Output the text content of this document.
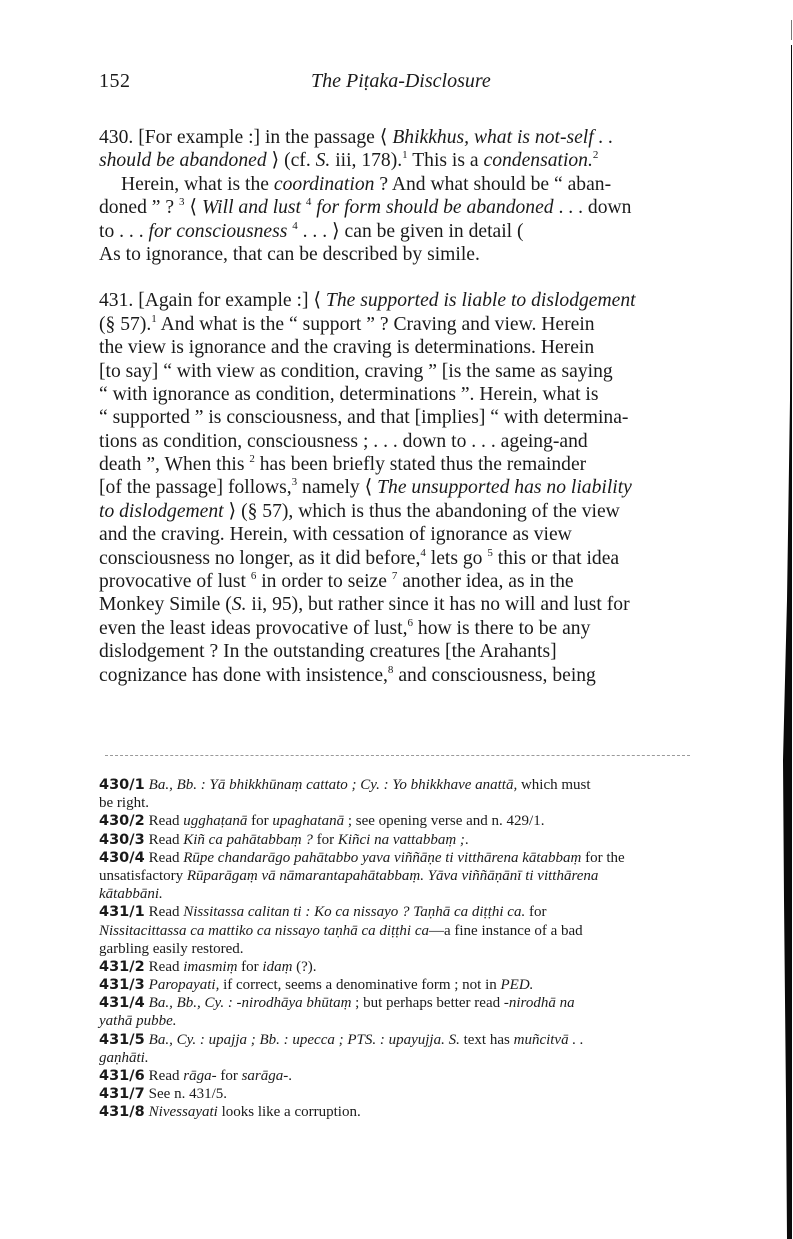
152	The Piṭaka-Disclosure
430. [For example :] in the passage ⟨ Bhikkhus, what is not-self . .
should be abandoned ⟩ (cf. S. iii, 178).$^1$ This is a condensation.$^2$
Herein, what is the coordination ? And what should be “ aban-
doned ” ? $^3$ ⟨ Will and lust $^4$ for form should be abandoned . . . down
to . . . for consciousness $^4$ . . . ⟩ can be given in detail (
As to ignorance, that can be described by simile.
431. [Again for example :] ⟨ The supported is liable to dislodgement
(§ 57).$^1$ And what is the “ support ” ? Craving and view. Herein
the view is ignorance and the craving is determinations. Herein
[to say] “ with view as condition, craving ” [is the same as saying
“ with ignorance as condition, determinations ”. Herein, what is
“ supported ” is consciousness, and that [implies] “ with determina-
tions as condition, consciousness ; . . . down to . . . ageing-and
death ”, When this $^2$ has been briefly stated thus the remainder
[of the passage] follows,$^3$ namely ⟨ The unsupported has no liability
to dislodgement ⟩ (§ 57), which is thus the abandoning of the view
and the craving. Herein, with cessation of ignorance as view
consciousness no longer, as it did before,$^4$ lets go $^5$ this or that idea
provocative of lust $^6$ in order to seize $^7$ another idea, as in the
Monkey Simile (S. ii, 95), but rather since it has no will and lust for
even the least ideas provocative of lust,$^6$ how is there to be any
dislodgement ? In the outstanding creatures [the Arahants]
cognizance has done with insistence,$^8$ and consciousness, being
430/1 Ba., Bb. : Yā bhikkhūnaṃ cattato ; Cy. : Yo bhikkhave anattā, which must
be right.
430/2 Read ugghaṭanā for upaghatanā ; see opening verse and n. 429/1.
430/3 Read Kiñ ca pahātabbaṃ ? for Kiñci na vattabbaṃ ;.
430/4 Read Rūpe chandarāgo pahātabbo yava viññāṇe ti vitthārena kātabbaṃ for the
unsatisfactory Rūparāgaṃ vā nāmarantapahātabbaṃ. Yāva viññāṇānī ti vitthārena
kātabbāni.
431/1 Read Nissitassa calitan ti : Ko ca nissayo ? Taṇhā ca diṭṭhi ca. for
Nissitacittassa ca mattiko ca nissayo taṇhā ca diṭṭhi ca—a fine instance of a bad
garbling easily restored.
431/2 Read imasmiṃ for idaṃ (?).
431/3 Paropayati, if correct, seems a denominative form ; not in PED.
431/4 Ba., Bb., Cy. : -nirodhāya bhūtaṃ ; but perhaps better read -nirodhā na
yathā pubbe.
431/5 Ba., Cy. : upajja ; Bb. : upecca ; PTS. : upayujja. S. text has muñcitvā . .
gaṇhāti.
431/6 Read rāga- for sarāga-.
431/7 See n. 431/5.
431/8 Nivessayati looks like a corruption.
